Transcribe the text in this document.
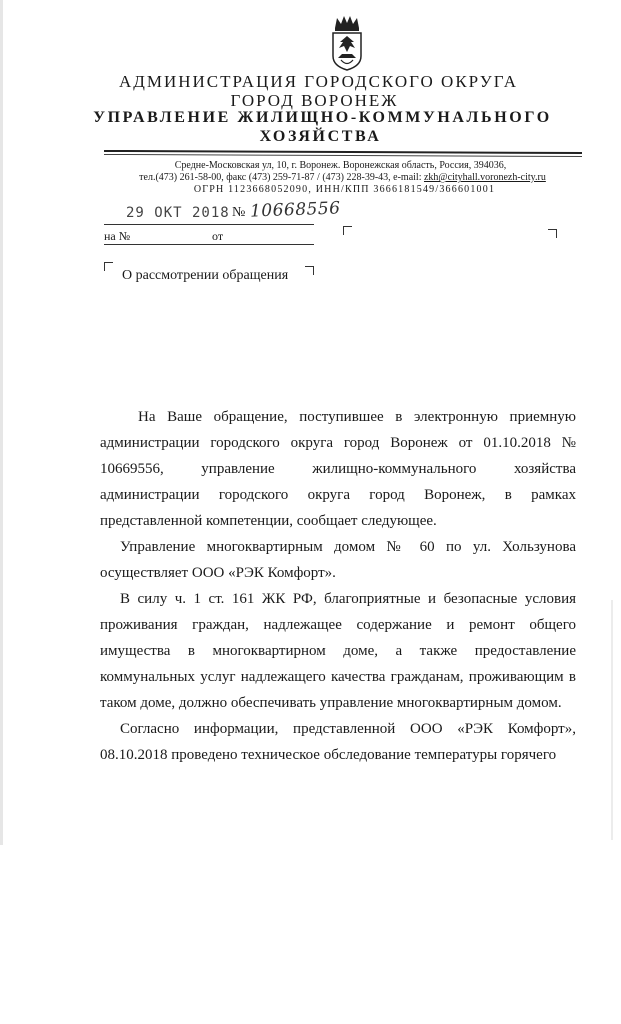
АДМИНИСТРАЦИЯ ГОРОДСКОГО ОКРУГА
ГОРОД ВОРОНЕЖ
УПРАВЛЕНИЕ ЖИЛИЩНО-КОММУНАЛЬНОГО
ХОЗЯЙСТВА
Средне-Московская ул, 10, г. Воронеж. Воронежская область, Россия, 394036,
тел.(473) 261-58-00, факс (473) 259-71-87 / (473) 228-39-43, e-mail: zkh@cityhall.voronezh-city.ru
ОГРН 1123668052090, ИНН/КПП 3666181549/366601001
29 ОКТ 2018 № 10668556
на №	от
О рассмотрении обращения
На Ваше обращение, поступившее в электронную приемную администрации городского округа город Воронеж от 01.10.2018 № 10669556, управление жилищно-коммунального хозяйства администрации городского округа город Воронеж, в рамках представленной компетенции, сообщает следующее.
Управление многоквартирным домом № 60 по ул. Хользунова осуществляет ООО «РЭК Комфорт».
В силу ч. 1 ст. 161 ЖК РФ, благоприятные и безопасные условия проживания граждан, надлежащее содержание и ремонт общего имущества в многоквартирном доме, а также предоставление коммунальных услуг надлежащего качества гражданам, проживающим в таком доме, должно обеспечивать управление многоквартирным домом.
Согласно информации, представленной ООО «РЭК Комфорт», 08.10.2018 проведено техническое обследование температуры горячего
